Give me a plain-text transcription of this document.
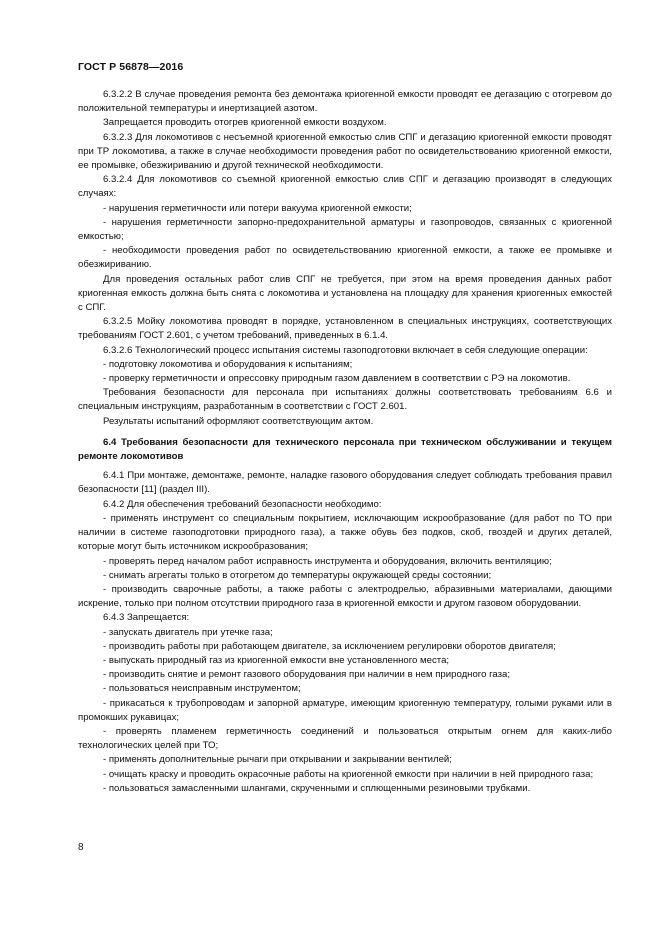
ГОСТ Р 56878—2016

6.3.2.2 В случае проведения ремонта без демонтажа криогенной емкости проводят ее дегазацию с отогревом до положительной температуры и инертизацией азотом.

Запрещается проводить отогрев криогенной емкости воздухом.

6.3.2.3 Для локомотивов с несъемной криогенной емкостью слив СПГ и дегазацию криогенной емкости проводят при ТР локомотива, а также в случае необходимости проведения работ по освидетельствованию криогенной емкости, ее промывке, обезжириванию и другой технической необходимости.

6.3.2.4 Для локомотивов со съемной криогенной емкостью слив СПГ и дегазацию производят в следующих случаях:

- нарушения герметичности или потери вакуума криогенной емкости;

- нарушения герметичности запорно-предохранительной арматуры и газопроводов, связанных с криогенной емкостью;

- необходимости проведения работ по освидетельствованию криогенной емкости, а также ее промывке и обезжириванию.

Для проведения остальных работ слив СПГ не требуется, при этом на время проведения данных работ криогенная емкость должна быть снята с локомотива и установлена на площадку для хранения криогенных емкостей с СПГ.

6.3.2.5 Мойку локомотива проводят в порядке, установленном в специальных инструкциях, соответствующих требованиям ГОСТ 2.601, с учетом требований, приведенных в 6.1.4.

6.3.2.6 Технологический процесс испытания системы газоподготовки включает в себя следующие операции:

- подготовку локомотива и оборудования к испытаниям;

- проверку герметичности и опрессовку природным газом давлением в соответствии с РЭ на локомотив.

Требования безопасности для персонала при испытаниях должны соответствовать требованиям 6.6 и специальным инструкциям, разработанным в соответствии с ГОСТ 2.601.

Результаты испытаний оформляют соответствующим актом.

6.4 Требования безопасности для технического персонала при техническом обслуживании и текущем ремонте локомотивов

6.4.1 При монтаже, демонтаже, ремонте, наладке газового оборудования следует соблюдать требования правил безопасности [11] (раздел III).

6.4.2 Для обеспечения требований безопасности необходимо:

- применять инструмент со специальным покрытием, исключающим искрообразование (для работ по ТО при наличии в системе газоподготовки природного газа), а также обувь без подков, скоб, гвоздей и других деталей, которые могут быть источником искрообразования;

- проверять перед началом работ исправность инструмента и оборудования, включить вентиляцию;

- снимать агрегаты только в отогретом до температуры окружающей среды состоянии;

- производить сварочные работы, а также работы с электродрелью, абразивными материалами, дающими искрение, только при полном отсутствии природного газа в криогенной емкости и другом газовом оборудовании.

6.4.3 Запрещается:

- запускать двигатель при утечке газа;

- производить работы при работающем двигателе, за исключением регулировки оборотов двигателя;

- выпускать природный газ из криогенной емкости вне установленного места;

- производить снятие и ремонт газового оборудования при наличии в нем природного газа;

- пользоваться неисправным инструментом;

- прикасаться к трубопроводам и запорной арматуре, имеющим криогенную температуру, голыми руками или в промокших рукавицах;

- проверять пламенем герметичность соединений и пользоваться открытым огнем для каких-либо технологических целей при ТО;

- применять дополнительные рычаги при открывании и закрывании вентилей;

- очищать краску и проводить окрасочные работы на криогенной емкости при наличии в ней природного газа;

- пользоваться замасленными шлангами, скрученными и сплющенными резиновыми трубками.

8
